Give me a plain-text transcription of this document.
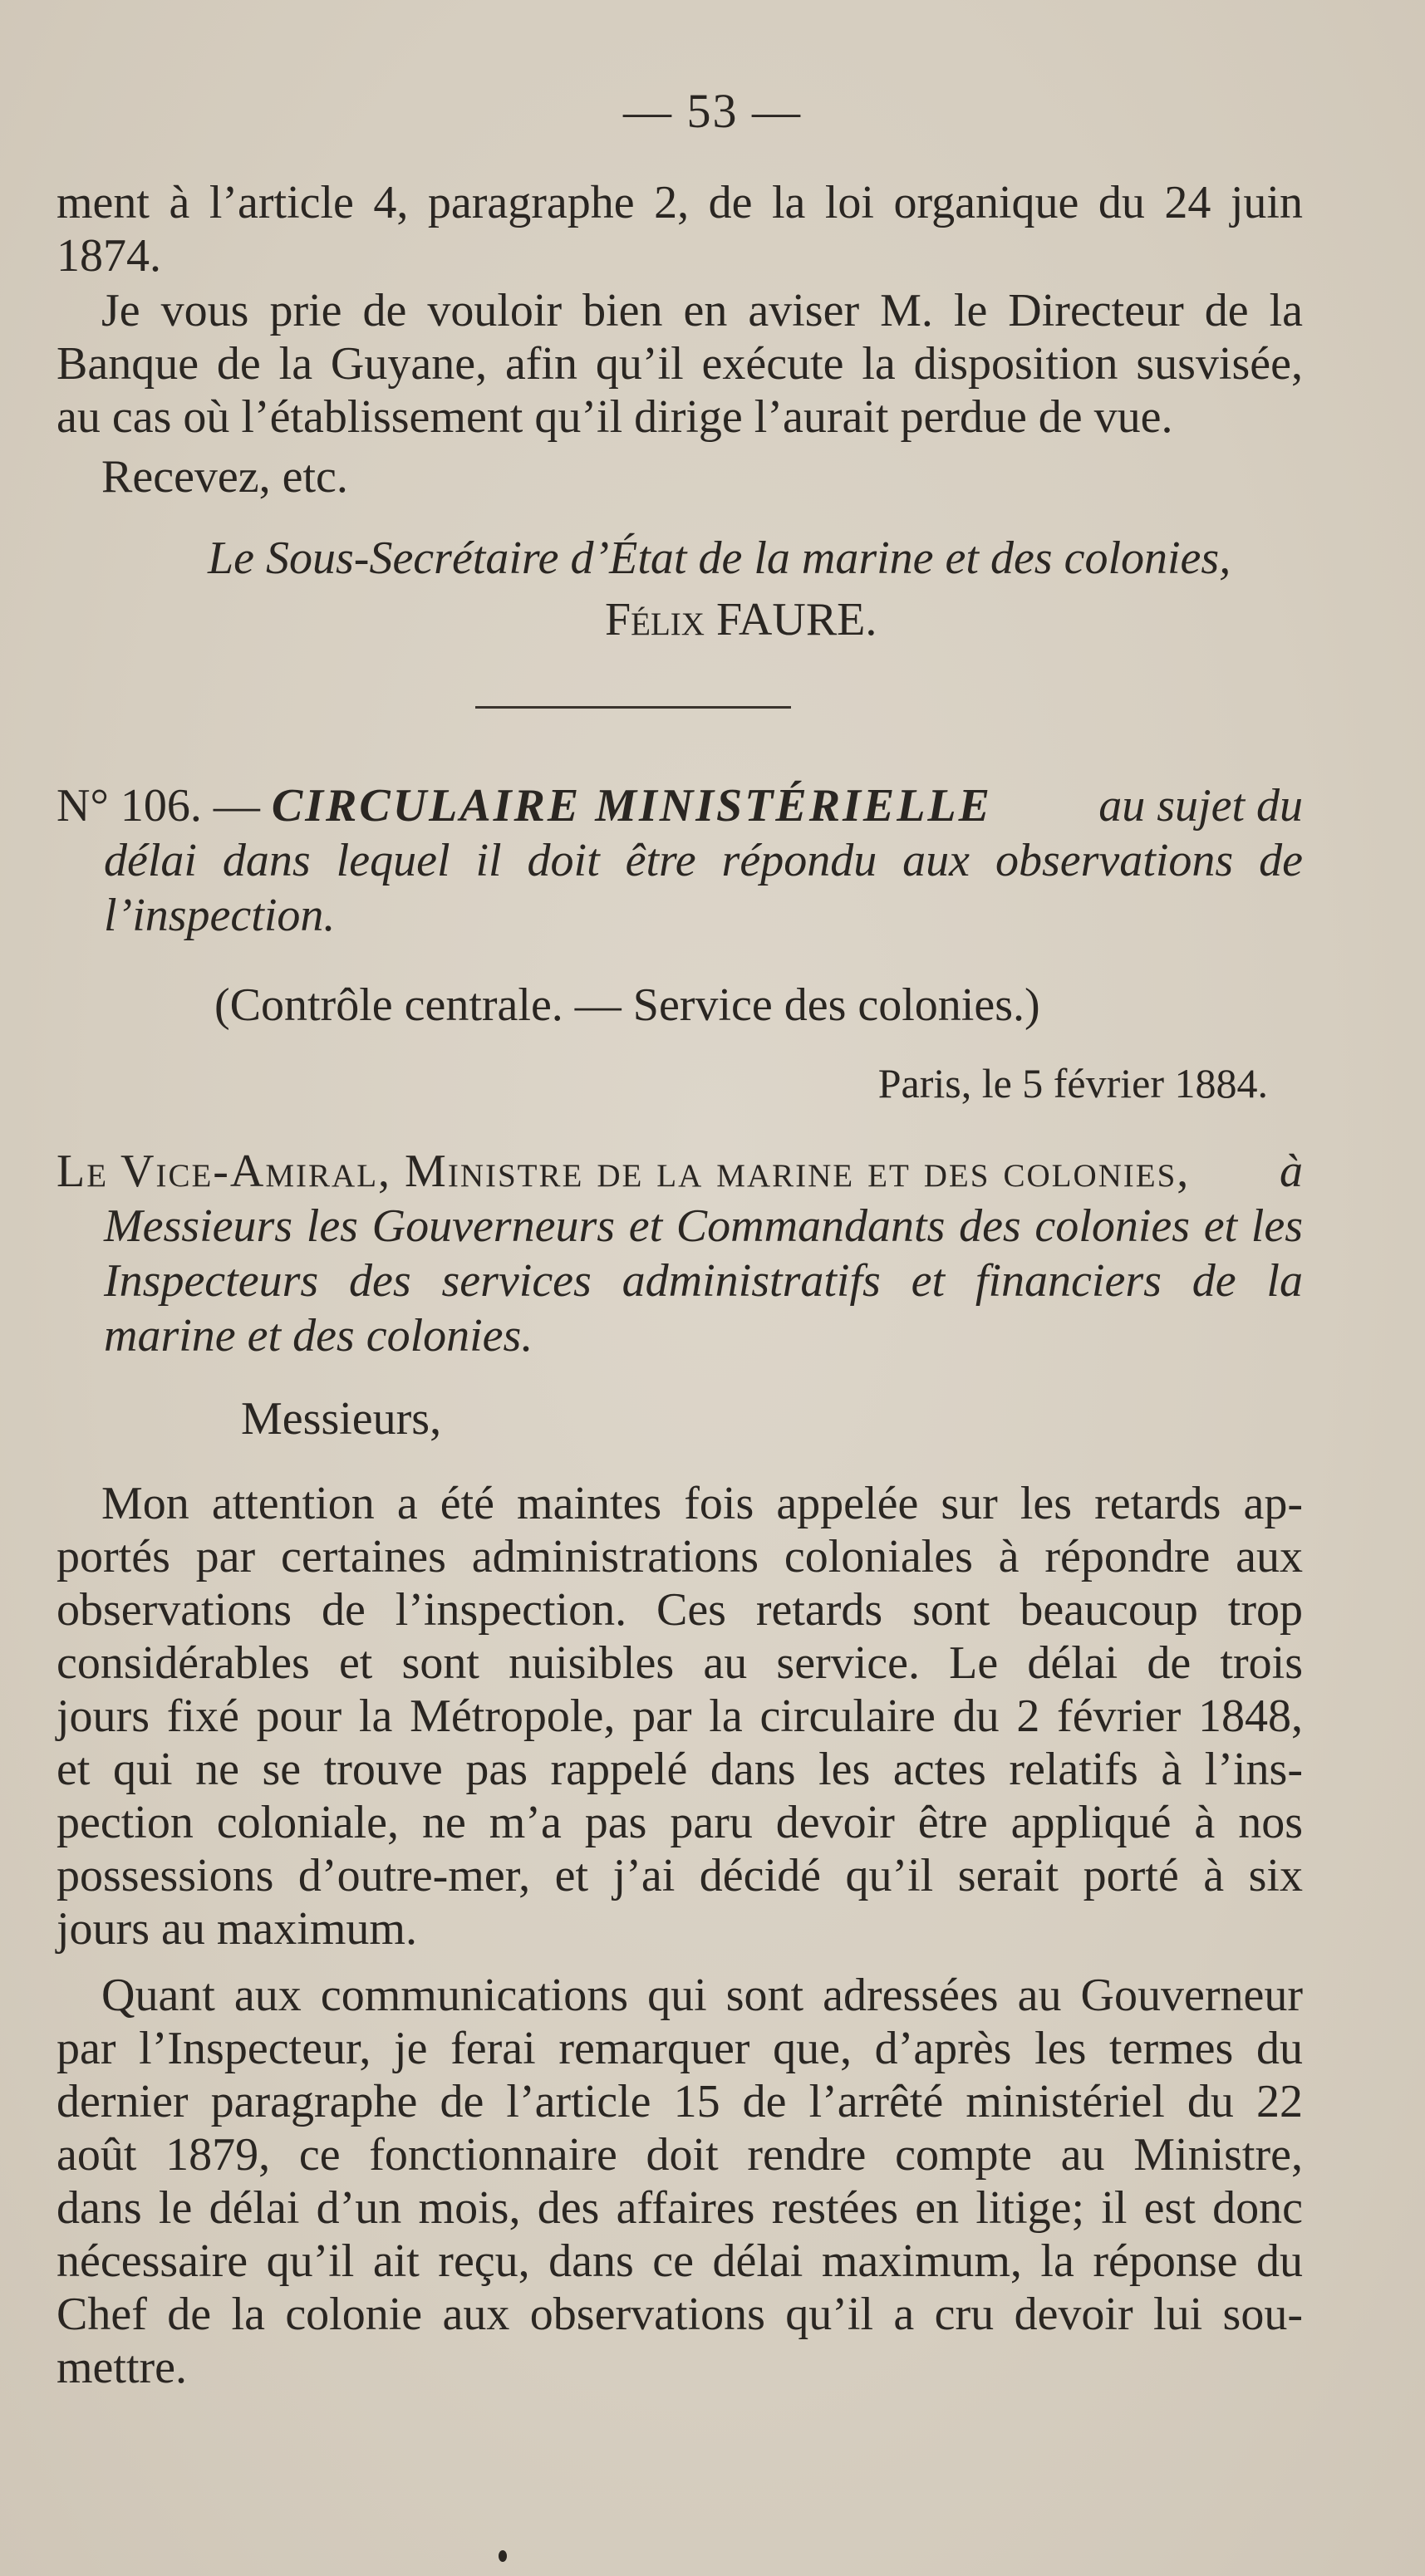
— 53 —
ment à l’article 4, paragraphe 2, de la loi organique du 24 juin
1874.
Je vous prie de vouloir bien en aviser M. le Directeur de la
Banque de la Guyane, afin qu’il exécute la disposition susvisée,
au cas où l’établissement qu’il dirige l’aurait perdue de vue.
Recevez, etc.
Le Sous-Secrétaire d’État de la marine et des colonies,
Félix FAURE.
N° 106. — CIRCULAIRE MINISTÉRIELLE au sujet du
délai dans lequel il doit être répondu aux observations de
l’inspection.
(Contrôle centrale. — Service des colonies.)
Paris, le 5 février 1884.
Le Vice-Amiral, Ministre de la marine et des colonies, à
Messieurs les Gouverneurs et Commandants des colonies et les
Inspecteurs des services administratifs et financiers de la
marine et des colonies.
Messieurs,
Mon attention a été maintes fois appelée sur les retards ap-
portés par certaines administrations coloniales à répondre aux
observations de l’inspection. Ces retards sont beaucoup trop
considérables et sont nuisibles au service. Le délai de trois
jours fixé pour la Métropole, par la circulaire du 2 février 1848,
et qui ne se trouve pas rappelé dans les actes relatifs à l’ins-
pection coloniale, ne m’a pas paru devoir être appliqué à nos
possessions d’outre-mer, et j’ai décidé qu’il serait porté à six
jours au maximum.
Quant aux communications qui sont adressées au Gouverneur
par l’Inspecteur, je ferai remarquer que, d’après les termes du
dernier paragraphe de l’article 15 de l’arrêté ministériel du 22
août 1879, ce fonctionnaire doit rendre compte au Ministre,
dans le délai d’un mois, des affaires restées en litige; il est donc
nécessaire qu’il ait reçu, dans ce délai maximum, la réponse du
Chef de la colonie aux observations qu’il a cru devoir lui sou-
mettre.
